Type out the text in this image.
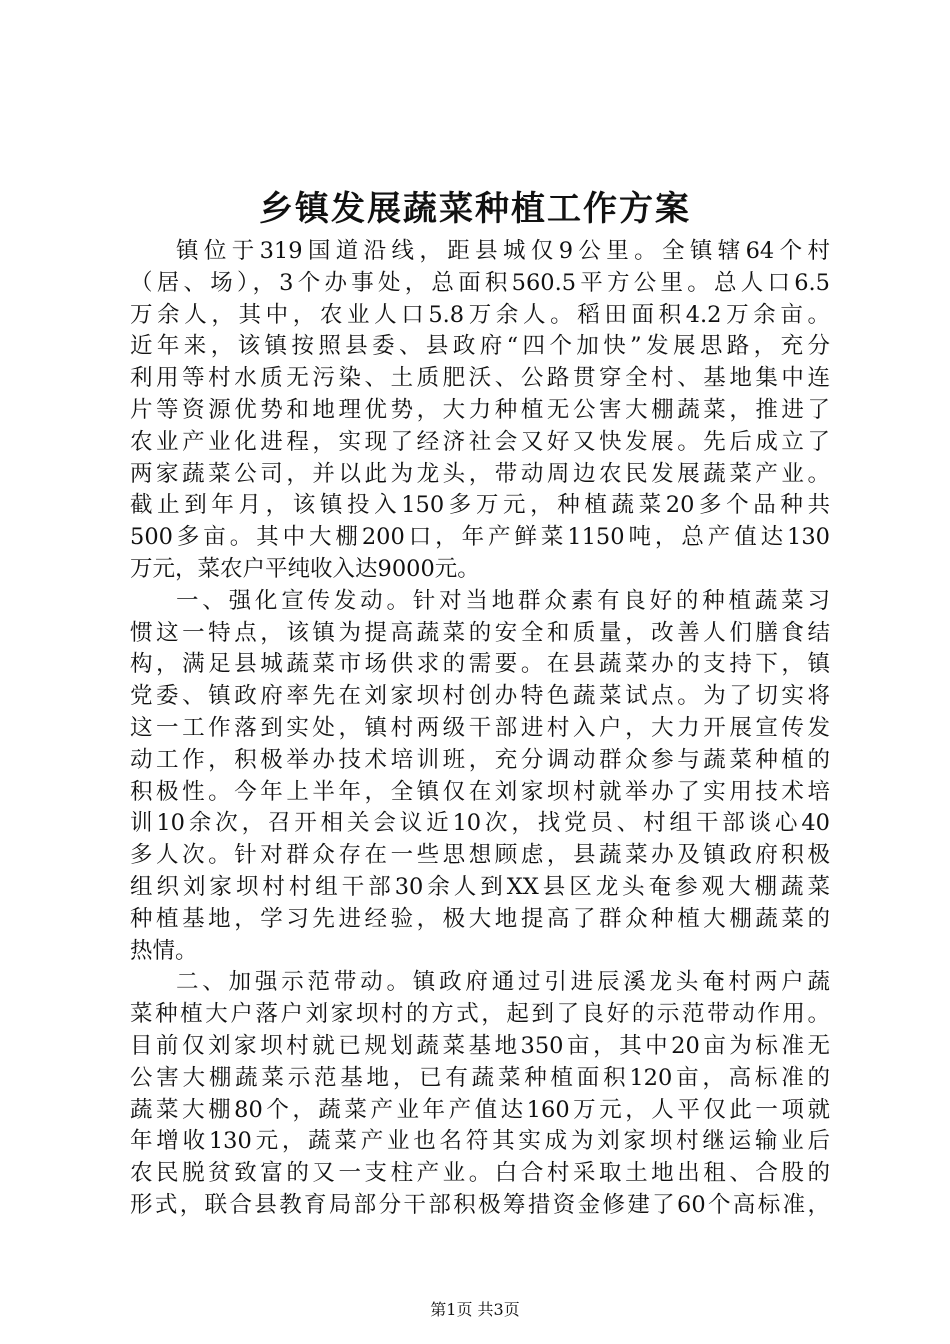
乡镇发展蔬菜种植工作方案
镇位于319国道沿线，距县城仅9公里。全镇辖64个村
（居、场），3个办事处，总面积560.5平方公里。总人口6.5
万余人，其中，农业人口5.8万余人。稻田面积4.2万余亩。
近年来，该镇按照县委、县政府“四个加快”发展思路，充分
利用等村水质无污染、土质肥沃、公路贯穿全村、基地集中连
片等资源优势和地理优势，大力种植无公害大棚蔬菜，推进了
农业产业化进程，实现了经济社会又好又快发展。先后成立了
两家蔬菜公司，并以此为龙头，带动周边农民发展蔬菜产业。
截止到年月，该镇投入150多万元，种植蔬菜20多个品种共
500多亩。其中大棚200口，年产鲜菜1150吨，总产值达130
万元，菜农户平纯收入达9000元。
一、强化宣传发动。针对当地群众素有良好的种植蔬菜习
惯这一特点，该镇为提高蔬菜的安全和质量，改善人们膳食结
构，满足县城蔬菜市场供求的需要。在县蔬菜办的支持下，镇
党委、镇政府率先在刘家坝村创办特色蔬菜试点。为了切实将
这一工作落到实处，镇村两级干部进村入户，大力开展宣传发
动工作，积极举办技术培训班，充分调动群众参与蔬菜种植的
积极性。今年上半年，全镇仅在刘家坝村就举办了实用技术培
训10余次，召开相关会议近10次，找党员、村组干部谈心40
多人次。针对群众存在一些思想顾虑，县蔬菜办及镇政府积极
组织刘家坝村村组干部30余人到XX县区龙头奄参观大棚蔬菜
种植基地，学习先进经验，极大地提高了群众种植大棚蔬菜的
热情。
二、加强示范带动。镇政府通过引进辰溪龙头奄村两户蔬
菜种植大户落户刘家坝村的方式，起到了良好的示范带动作用。
目前仅刘家坝村就已规划蔬菜基地350亩，其中20亩为标准无
公害大棚蔬菜示范基地，已有蔬菜种植面积120亩，高标准的
蔬菜大棚80个，蔬菜产业年产值达160万元，人平仅此一项就
年增收130元，蔬菜产业也名符其实成为刘家坝村继运输业后
农民脱贫致富的又一支柱产业。白合村采取土地出租、合股的
形式，联合县教育局部分干部积极筹措资金修建了60个高标准，
第1页 共3页
